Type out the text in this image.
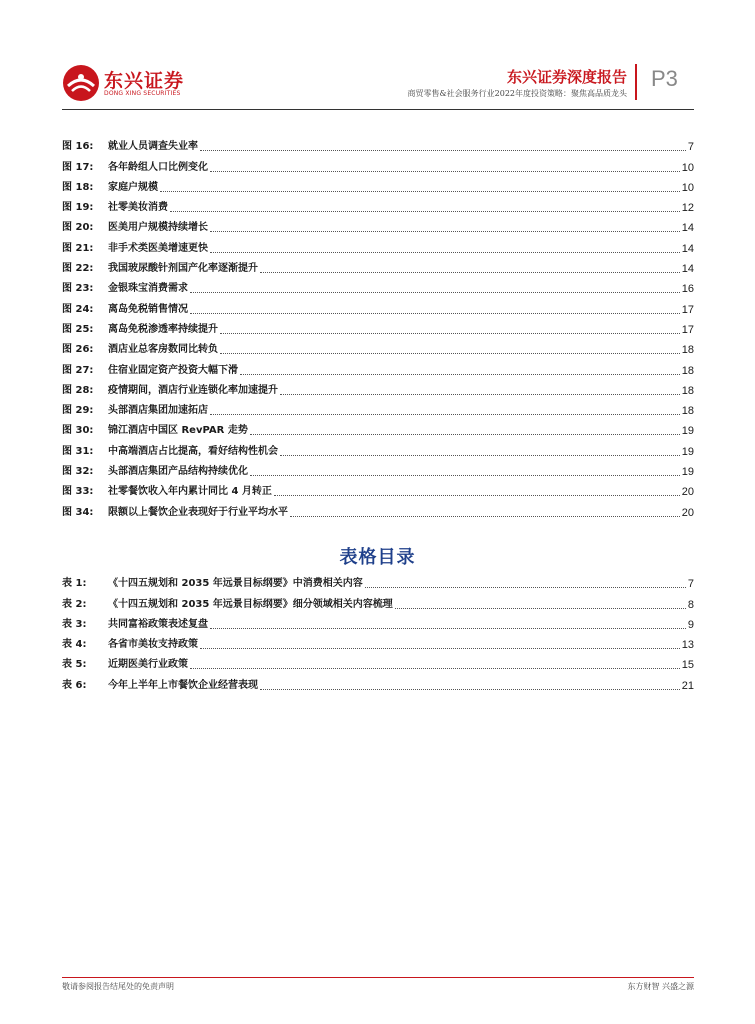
东兴证券
DONG XING SECURITIES
东兴证券深度报告
商贸零售&社会服务行业2022年度投资策略：聚焦高品质龙头
P3
图 16:	就业人员调查失业率	7
图 17:	各年龄组人口比例变化	10
图 18:	家庭户规模	10
图 19:	社零美妆消费	12
图 20:	医美用户规模持续增长	14
图 21:	非手术类医美增速更快	14
图 22:	我国玻尿酸针剂国产化率逐渐提升	14
图 23:	金银珠宝消费需求	16
图 24:	离岛免税销售情况	17
图 25:	离岛免税渗透率持续提升	17
图 26:	酒店业总客房数同比转负	18
图 27:	住宿业固定资产投资大幅下滑	18
图 28:	疫情期间，酒店行业连锁化率加速提升	18
图 29:	头部酒店集团加速拓店	18
图 30:	锦江酒店中国区 RevPAR 走势	19
图 31:	中高端酒店占比提高，看好结构性机会	19
图 32:	头部酒店集团产品结构持续优化	19
图 33:	社零餐饮收入年内累计同比 4 月转正	20
图 34:	限额以上餐饮企业表现好于行业平均水平	20
表格目录
表 1:	《十四五规划和 2035 年远景目标纲要》中消费相关内容	7
表 2:	《十四五规划和 2035 年远景目标纲要》细分领域相关内容梳理	8
表 3:	共同富裕政策表述复盘	9
表 4:	各省市美妆支持政策	13
表 5:	近期医美行业政策	15
表 6:	今年上半年上市餐饮企业经营表现	21
敬请参阅报告结尾处的免责声明	东方财智 兴盛之源
